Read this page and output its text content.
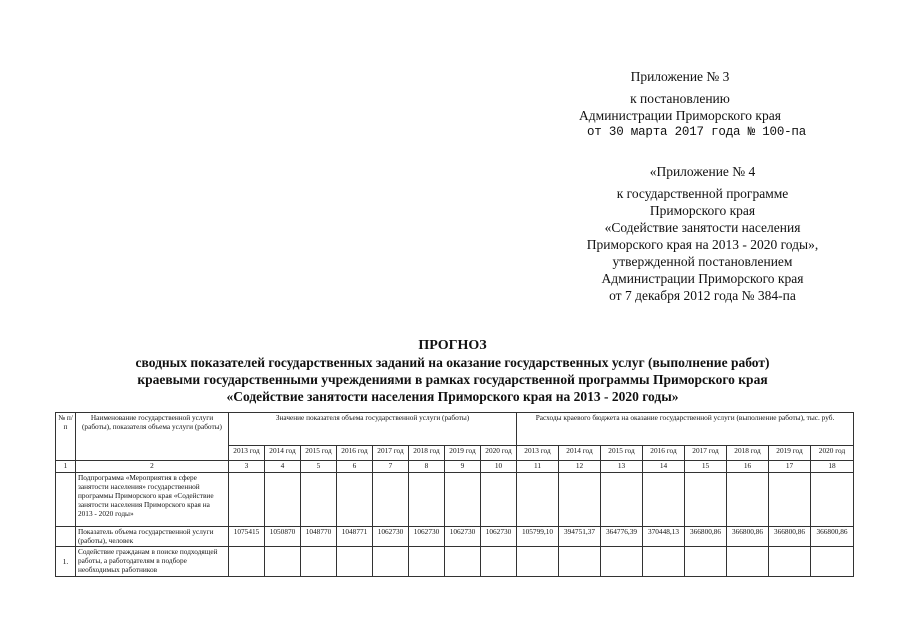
Приложение № 3
к постановлению
Администрации Приморского края
от 30 марта 2017 года № 100-па
«Приложение № 4
к государственной программе
Приморского края
«Содействие занятости населения
Приморского края на 2013 - 2020 годы»,
утвержденной постановлением
Администрации Приморского края
от 7 декабря 2012 года № 384-па
ПРОГНОЗ
сводных показателей государственных заданий на оказание государственных услуг (выполнение работ)
краевыми государственными учреждениями в рамках государственной программы Приморского края
«Содействие занятости населения Приморского края на 2013 - 2020 годы»
№ п/п	Наименование государственной услуги (работы), показателя объема услуги (работы)	Значение показателя объема государственной услуги (работы)								Расходы краевого бюджета на оказание государственной услуги (выполнение работы), тыс. руб.							
		2013 год	2014 год	2015 год	2016 год	2017 год	2018 год	2019 год	2020 год	2013 год	2014 год	2015 год	2016 год	2017 год	2018 год	2019 год	2020 год
1	2	3	4	5	6	7	8	9	10	11	12	13	14	15	16	17	18
	Подпрограмма «Мероприятия в сфере занятости населения» государственной программы Приморского края «Содействие занятости населения Приморского края на 2013 - 2020 годы»																
	Показатель объема государственной услуги (работы), человек	1075415	1050870	1048770	1048771	1062730	1062730	1062730	1062730	105799,10	394751,37	364776,39	370448,13	366800,86	366800,86	366800,86	366800,86
1.	Содействие гражданам в поиске подходящей работы, а работодателям в подборе необходимых работников																
